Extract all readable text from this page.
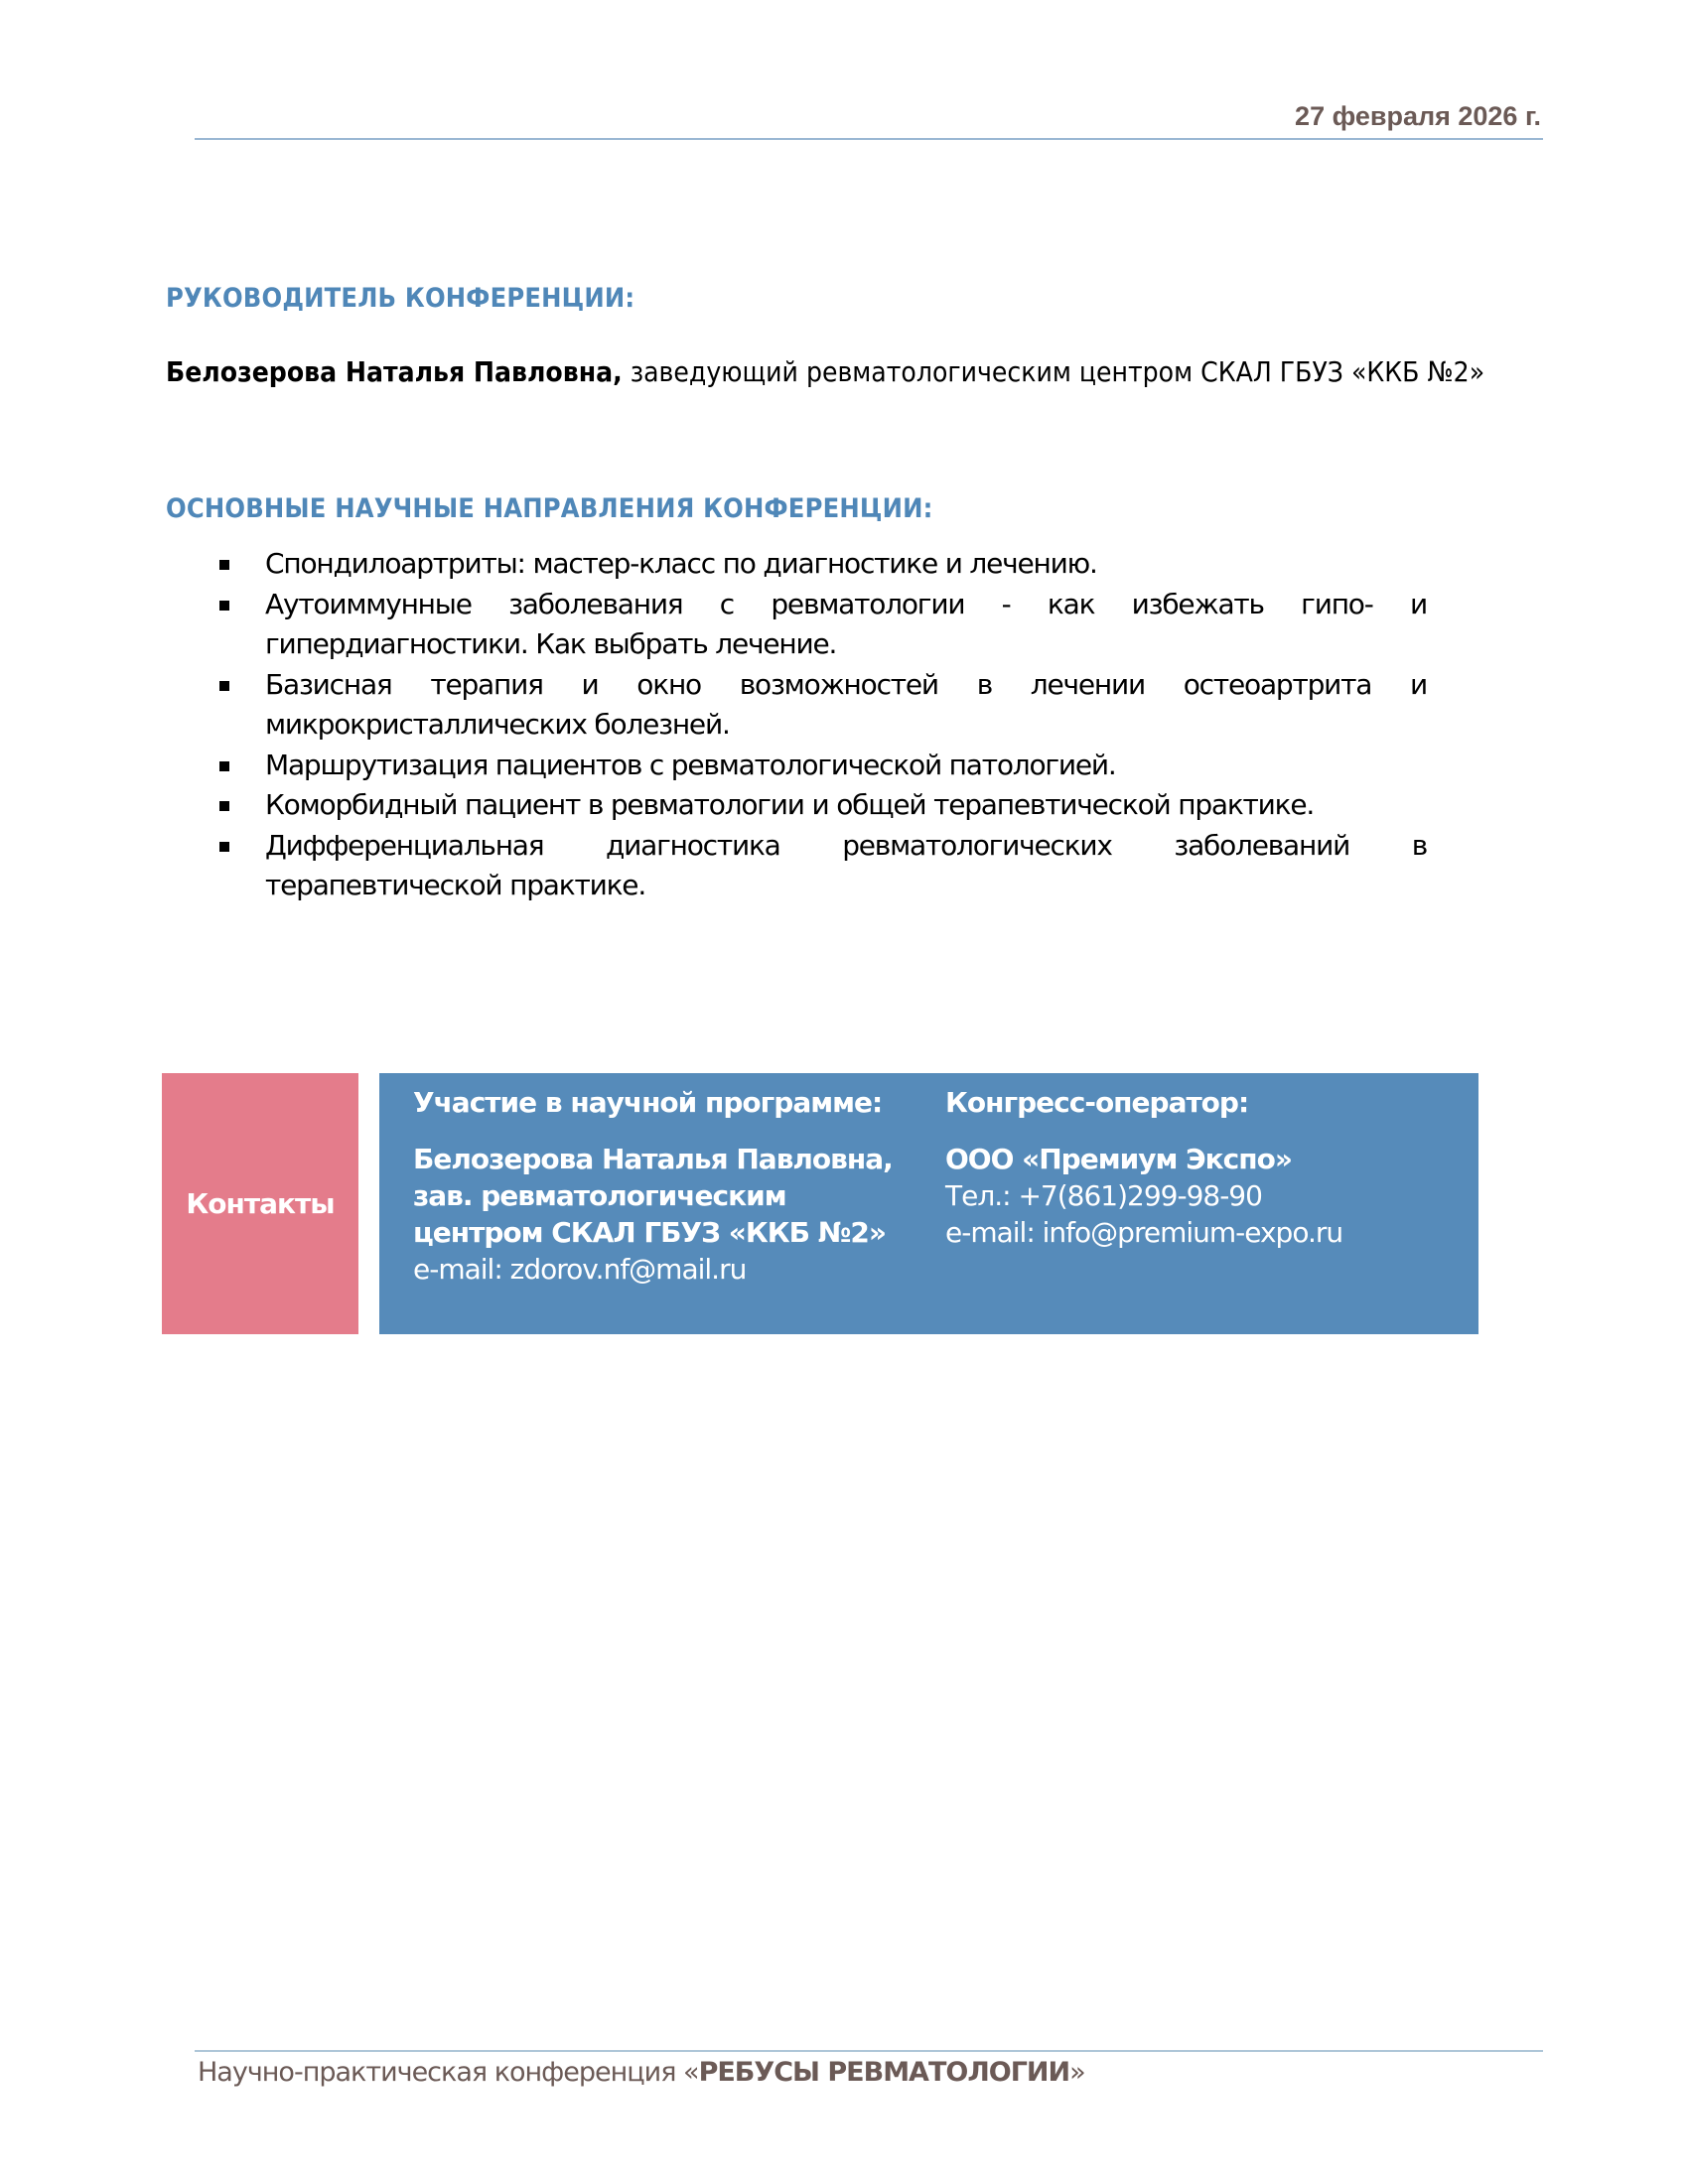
27 февраля 2026 г.
РУКОВОДИТЕЛЬ КОНФЕРЕНЦИИ:
Белозерова Наталья Павловна, заведующий ревматологическим центром СКАЛ ГБУЗ «ККБ №2»
ОСНОВНЫЕ НАУЧНЫЕ НАПРАВЛЕНИЯ КОНФЕРЕНЦИИ:
Спондилоартриты: мастер-класс по диагностике и лечению.
Аутоиммунные заболевания с ревматологии - как избежать гипо- и гипердиагностики. Как выбрать лечение.
Базисная терапия и окно возможностей в лечении остеоартрита и микрокристаллических болезней.
Маршрутизация пациентов с ревматологической патологией.
Коморбидный пациент в ревматологии и общей терапевтической практике.
Дифференциальная диагностика ревматологических заболеваний в терапевтической практике.
Контакты
Участие в научной программе:
Белозерова Наталья Павловна,
зав. ревматологическим
центром СКАЛ ГБУЗ «ККБ №2»
e-mail: zdorov.nf@mail.ru
Конгресс-оператор:
ООО «Премиум Экспо»
Тел.: +7(861)299-98-90
e-mail: info@premium-expo.ru
Научно-практическая конференция «РЕБУСЫ РЕВМАТОЛОГИИ»
